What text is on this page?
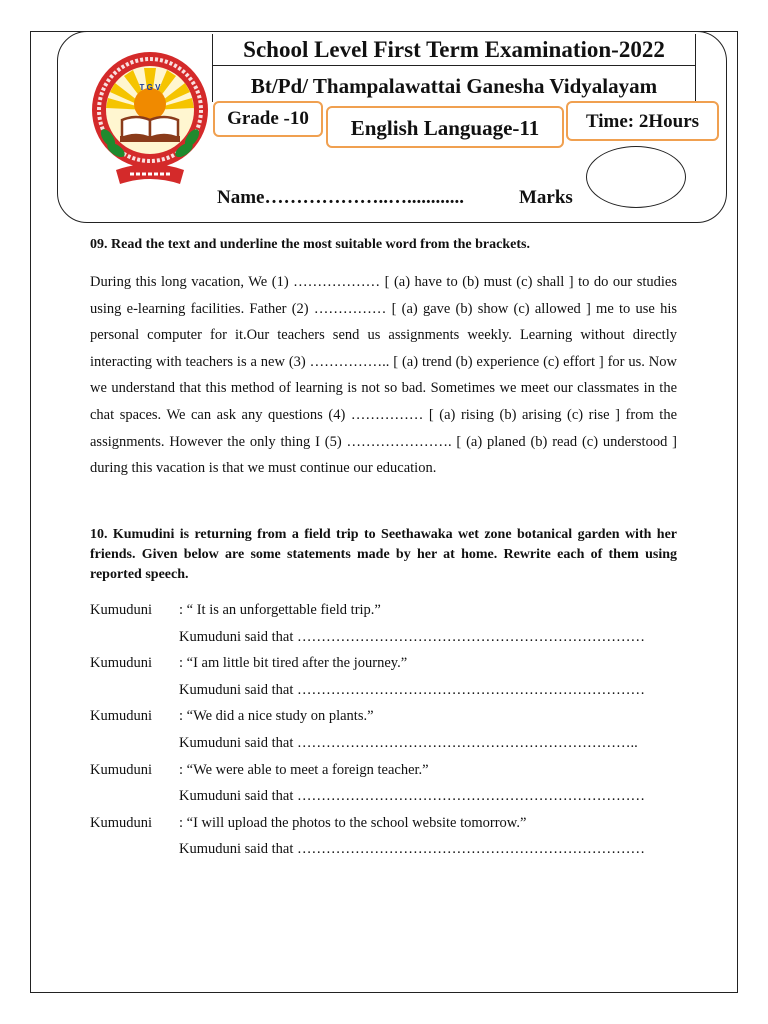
T G V
School Level First Term Examination-2022
Bt/Pd/ Thampalawattai Ganesha Vidyalayam
Grade -10	English Language-11	Time: 2Hours
Name………………..…............	Marks
09. Read the text and underline the most suitable word from the brackets.
During this long vacation, We (1) ……………… [ (a) have to (b) must (c) shall ] to do our studies using e-learning facilities. Father (2) …………… [ (a) gave (b) show (c) allowed ] me to use his personal computer for it.Our teachers send us assignments weekly. Learning without directly interacting with teachers is a new (3) …………….. [ (a) trend (b) experience (c) effort ] for us. Now we understand that this method of learning is not so bad. Sometimes we meet our classmates in the chat spaces. We can ask any questions (4) …………… [ (a) rising (b) arising (c) rise ] from the assignments. However the only thing I (5) …………………. [ (a) planed (b) read (c) understood ] during this vacation is that we must continue our education.
10. Kumudini is returning from a field trip to Seethawaka wet zone botanical garden with her friends. Given below are some statements made by her at home. Rewrite each of them using reported speech.
Kumuduni : “ It is an unforgettable field trip.”
Kumuduni said that ………………………………………………………………
Kumuduni : “I am little bit tired after the journey.”
Kumuduni said that ………………………………………………………………
Kumuduni : “We did a nice study on plants.”
Kumuduni said that ……………………………………………………………..
Kumuduni : “We were able to meet a foreign teacher.”
Kumuduni said that ………………………………………………………………
Kumuduni : “I will upload the photos to the school website tomorrow.”
Kumuduni said that ………………………………………………………………
